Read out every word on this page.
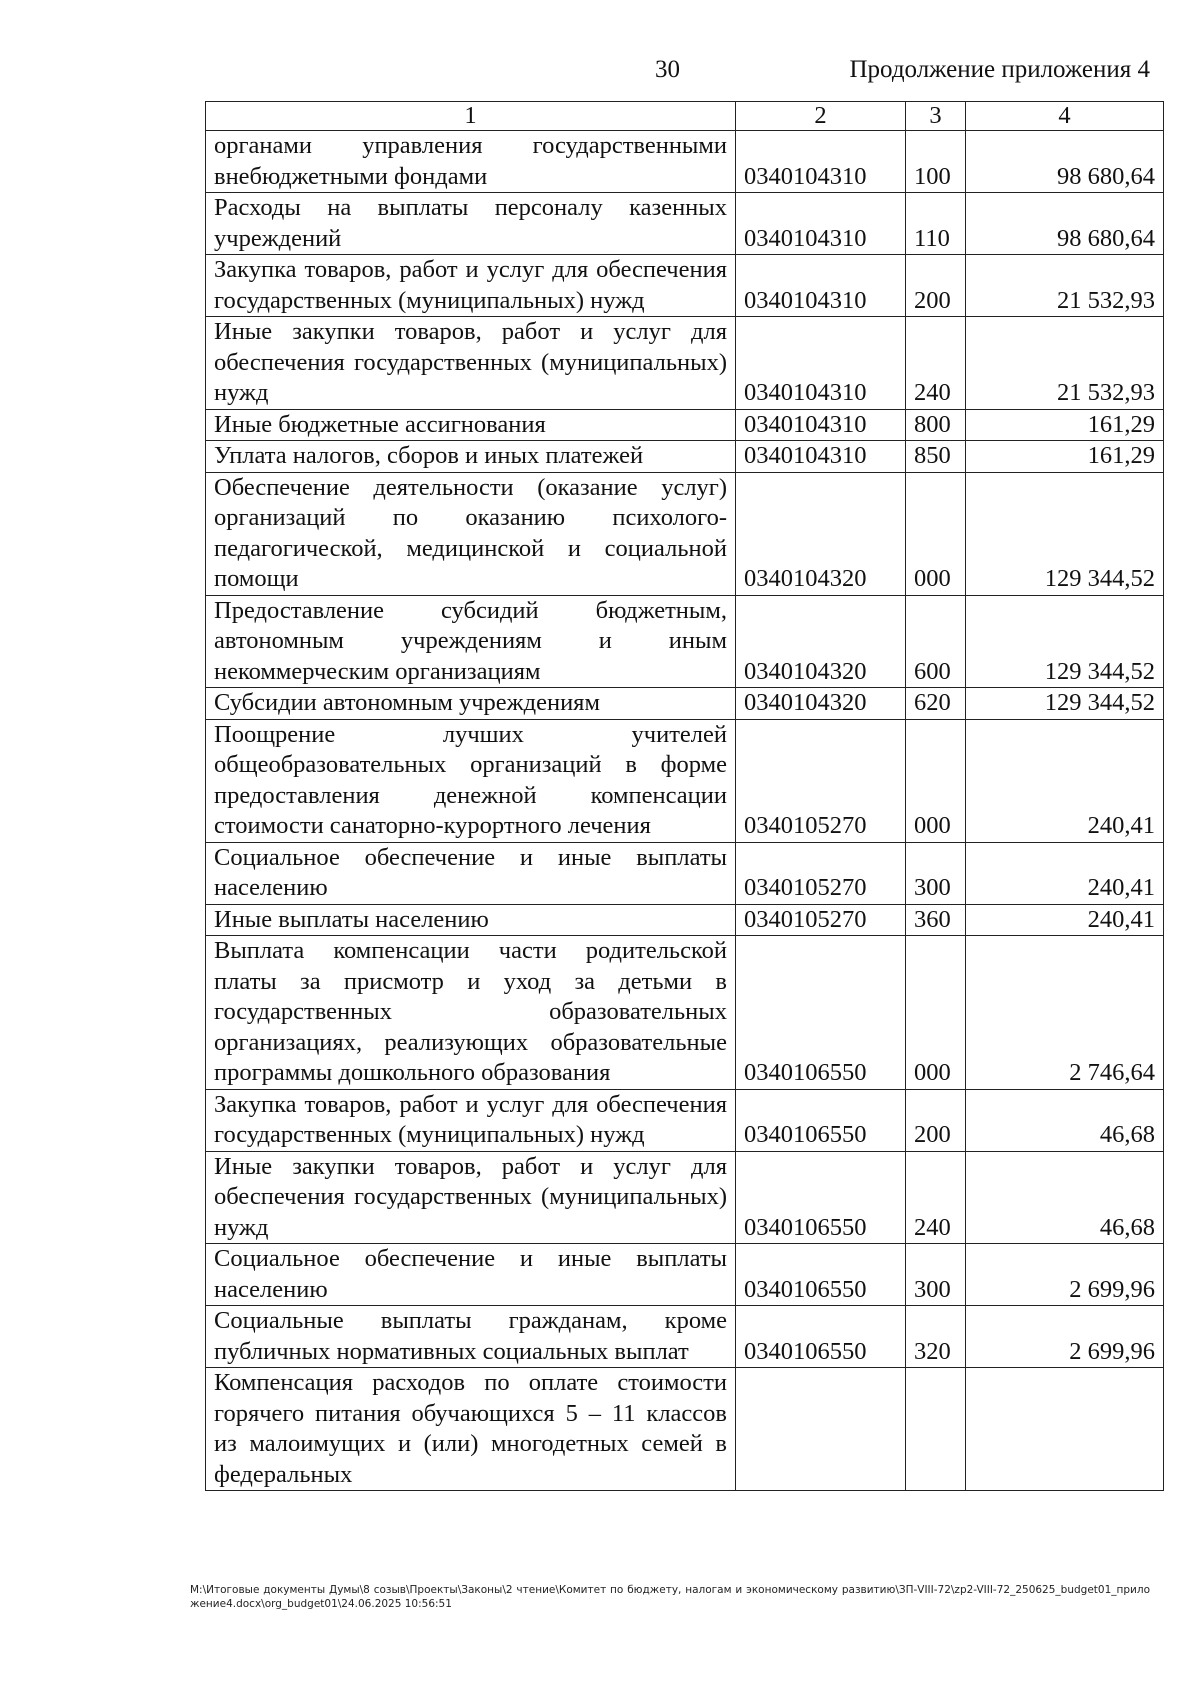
30	Продолжение приложения 4
1	2	3	4
органами управления государственными внебюджетными фондами	0340104310	100	98 680,64
Расходы на выплаты персоналу казенных учреждений	0340104310	110	98 680,64
Закупка товаров, работ и услуг для обеспечения государственных (муниципальных) нужд	0340104310	200	21 532,93
Иные закупки товаров, работ и услуг для обеспечения государственных (муниципальных) нужд	0340104310	240	21 532,93
Иные бюджетные ассигнования	0340104310	800	161,29
Уплата налогов, сборов и иных платежей	0340104310	850	161,29
Обеспечение деятельности (оказание услуг) организаций по оказанию психолого-педагогической, медицинской и социальной помощи	0340104320	000	129 344,52
Предоставление субсидий бюджетным, автономным учреждениям и иным некоммерческим организациям	0340104320	600	129 344,52
Субсидии автономным учреждениям	0340104320	620	129 344,52
Поощрение лучших учителей общеобразовательных организаций в форме предоставления денежной компенсации стоимости санаторно-курортного лечения	0340105270	000	240,41
Социальное обеспечение и иные выплаты населению	0340105270	300	240,41
Иные выплаты населению	0340105270	360	240,41
Выплата компенсации части родительской платы за присмотр и уход за детьми в государственных образовательных организациях, реализующих образовательные программы дошкольного образования	0340106550	000	2 746,64
Закупка товаров, работ и услуг для обеспечения государственных (муниципальных) нужд	0340106550	200	46,68
Иные закупки товаров, работ и услуг для обеспечения государственных (муниципальных) нужд	0340106550	240	46,68
Социальное обеспечение и иные выплаты населению	0340106550	300	2 699,96
Социальные выплаты гражданам, кроме публичных нормативных социальных выплат	0340106550	320	2 699,96
Компенсация расходов по оплате стоимости горячего питания обучающихся 5 – 11 классов из малоимущих и (или) многодетных семей в федеральных			
М:\Итоговые документы Думы\8 созыв\Проекты\Законы\2 чтение\Комитет по бюджету, налогам и экономическому развитию\ЗП-VIII-72\zp2-VIII-72_250625_budget01_приложение4.docx\org_budget01\24.06.2025 10:56:51
